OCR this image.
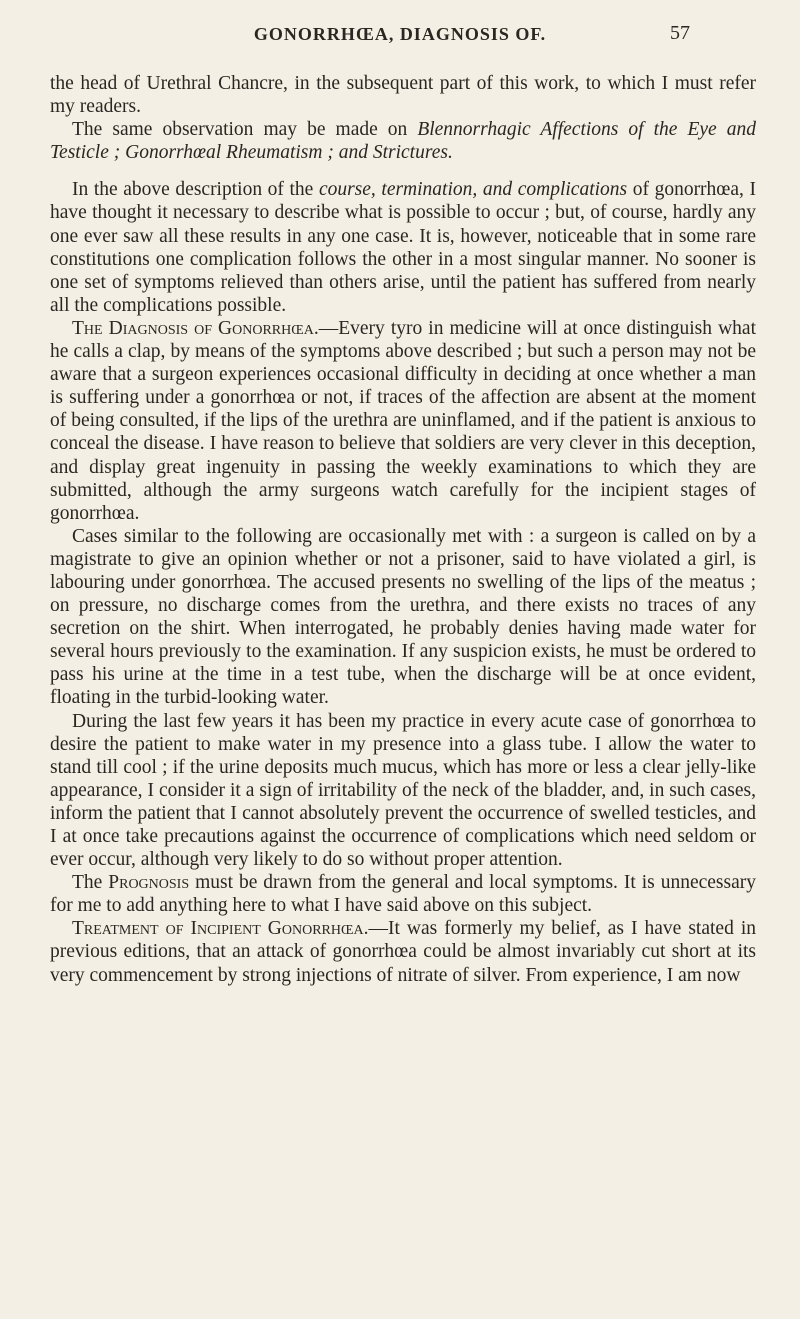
GONORRHŒA, DIAGNOSIS OF.	57

the head of Urethral Chancre, in the subsequent part of this work, to which I must refer my readers.

The same observation may be made on Blennorrhagic Affections of the Eye and Testicle ; Gonorrhœal Rheumatism ; and Strictures.

In the above description of the course, termination, and complications of gonorrhœa, I have thought it necessary to describe what is possible to occur ; but, of course, hardly any one ever saw all these results in any one case. It is, however, noticeable that in some rare constitutions one complication follows the other in a most singular manner. No sooner is one set of symptoms relieved than others arise, until the patient has suffered from nearly all the complications possible.

The Diagnosis of Gonorrhœa.—Every tyro in medicine will at once distinguish what he calls a clap, by means of the symptoms above described ; but such a person may not be aware that a surgeon experiences occasional difficulty in deciding at once whether a man is suffering under a gonorrhœa or not, if traces of the affection are absent at the moment of being consulted, if the lips of the urethra are uninflamed, and if the patient is anxious to conceal the disease. I have reason to believe that soldiers are very clever in this deception, and display great ingenuity in passing the weekly examinations to which they are submitted, although the army surgeons watch carefully for the incipient stages of gonorrhœa.

Cases similar to the following are occasionally met with : a surgeon is called on by a magistrate to give an opinion whether or not a prisoner, said to have violated a girl, is labouring under gonorrhœa. The accused presents no swelling of the lips of the meatus ; on pressure, no discharge comes from the urethra, and there exists no traces of any secretion on the shirt. When interrogated, he probably denies having made water for several hours previously to the examination. If any suspicion exists, he must be ordered to pass his urine at the time in a test tube, when the discharge will be at once evident, floating in the turbid-looking water.

During the last few years it has been my practice in every acute case of gonorrhœa to desire the patient to make water in my presence into a glass tube. I allow the water to stand till cool ; if the urine deposits much mucus, which has more or less a clear jelly-like appearance, I consider it a sign of irritability of the neck of the bladder, and, in such cases, inform the patient that I cannot absolutely prevent the occurrence of swelled testicles, and I at once take precautions against the occurrence of complications which need seldom or ever occur, although very likely to do so without proper attention.

The Prognosis must be drawn from the general and local symptoms. It is unnecessary for me to add anything here to what I have said above on this subject.

Treatment of Incipient Gonorrhœa.—It was formerly my belief, as I have stated in previous editions, that an attack of gonorrhœa could be almost invariably cut short at its very commencement by strong injections of nitrate of silver. From experience, I am now
